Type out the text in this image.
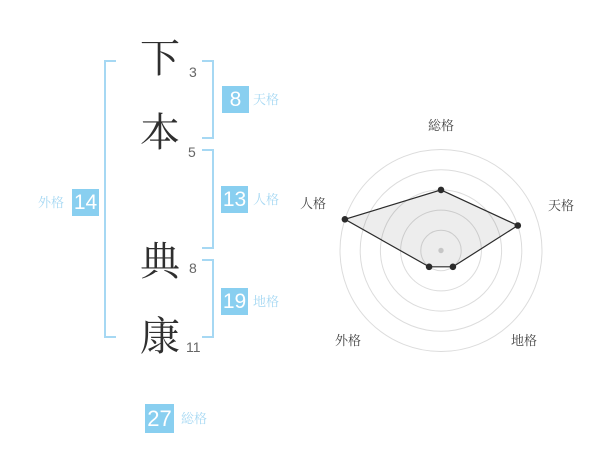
下
本
典
康
3
5
8
11
8
13
19
14
27
天格
人格
地格
外格
総格
総格
天格
地格
外格
人格
